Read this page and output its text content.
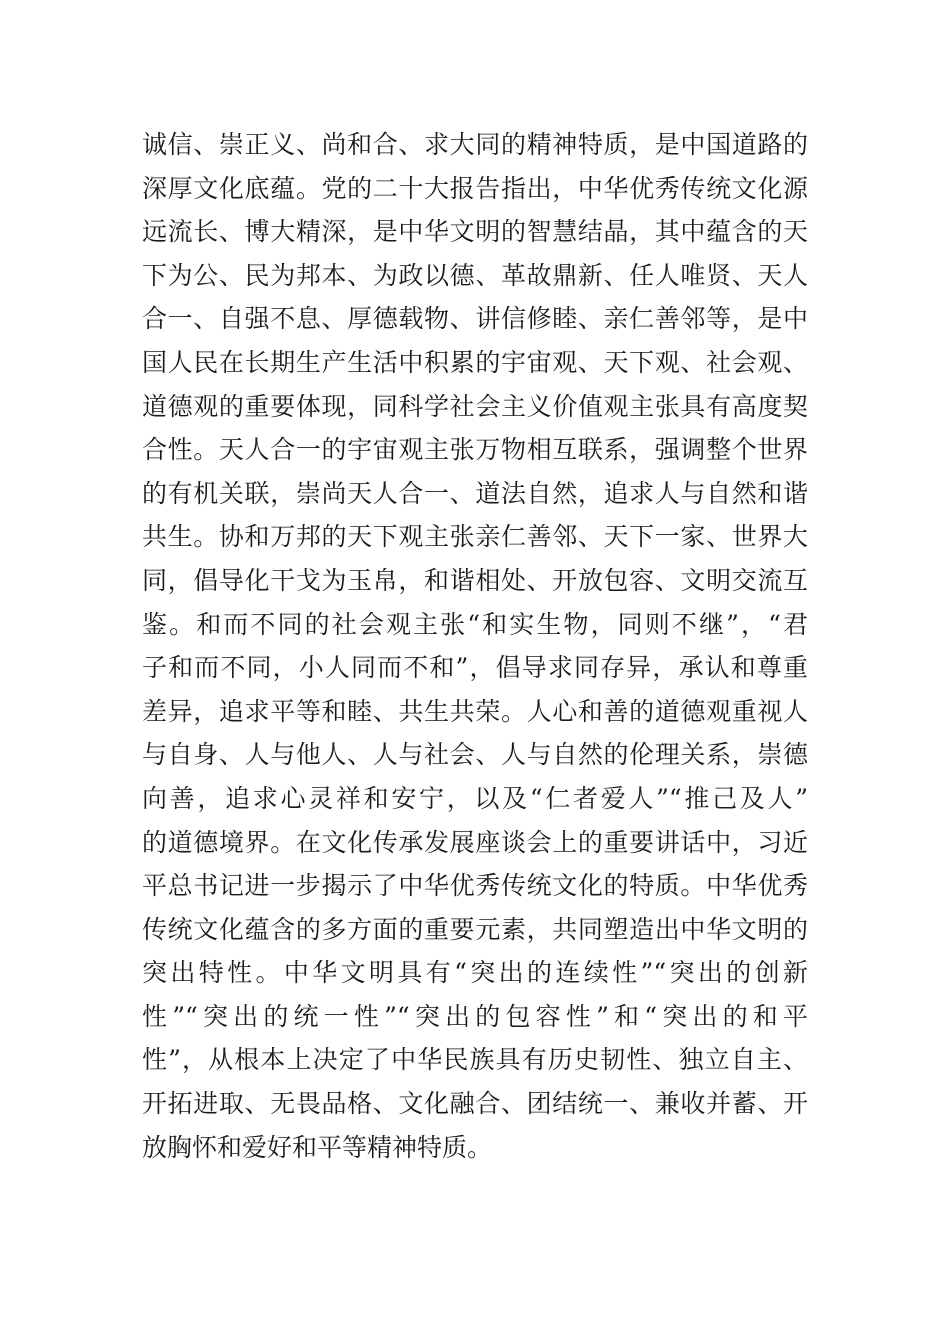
诚信、崇正义、尚和合、求大同的精神特质，是中国道路的
深厚文化底蕴。党的二十大报告指出，中华优秀传统文化源
远流长、博大精深，是中华文明的智慧结晶，其中蕴含的天
下为公、民为邦本、为政以德、革故鼎新、任人唯贤、天人
合一、自强不息、厚德载物、讲信修睦、亲仁善邻等，是中
国人民在长期生产生活中积累的宇宙观、天下观、社会观、
道德观的重要体现，同科学社会主义价值观主张具有高度契
合性。天人合一的宇宙观主张万物相互联系，强调整个世界
的有机关联，崇尚天人合一、道法自然，追求人与自然和谐
共生。协和万邦的天下观主张亲仁善邻、天下一家、世界大
同，倡导化干戈为玉帛，和谐相处、开放包容、文明交流互
鉴。和而不同的社会观主张“和实生物，同则不继”，“君
子和而不同，小人同而不和”，倡导求同存异，承认和尊重
差异，追求平等和睦、共生共荣。人心和善的道德观重视人
与自身、人与他人、人与社会、人与自然的伦理关系，崇德
向善，追求心灵祥和安宁，以及“仁者爱人”“推己及人”
的道德境界。在文化传承发展座谈会上的重要讲话中，习近
平总书记进一步揭示了中华优秀传统文化的特质。中华优秀
传统文化蕴含的多方面的重要元素，共同塑造出中华文明的
突出特性。中华文明具有“突出的连续性”“突出的创新
性”“突出的统一性”“突出的包容性”和“突出的和平
性”，从根本上决定了中华民族具有历史韧性、独立自主、
开拓进取、无畏品格、文化融合、团结统一、兼收并蓄、开
放胸怀和爱好和平等精神特质。
